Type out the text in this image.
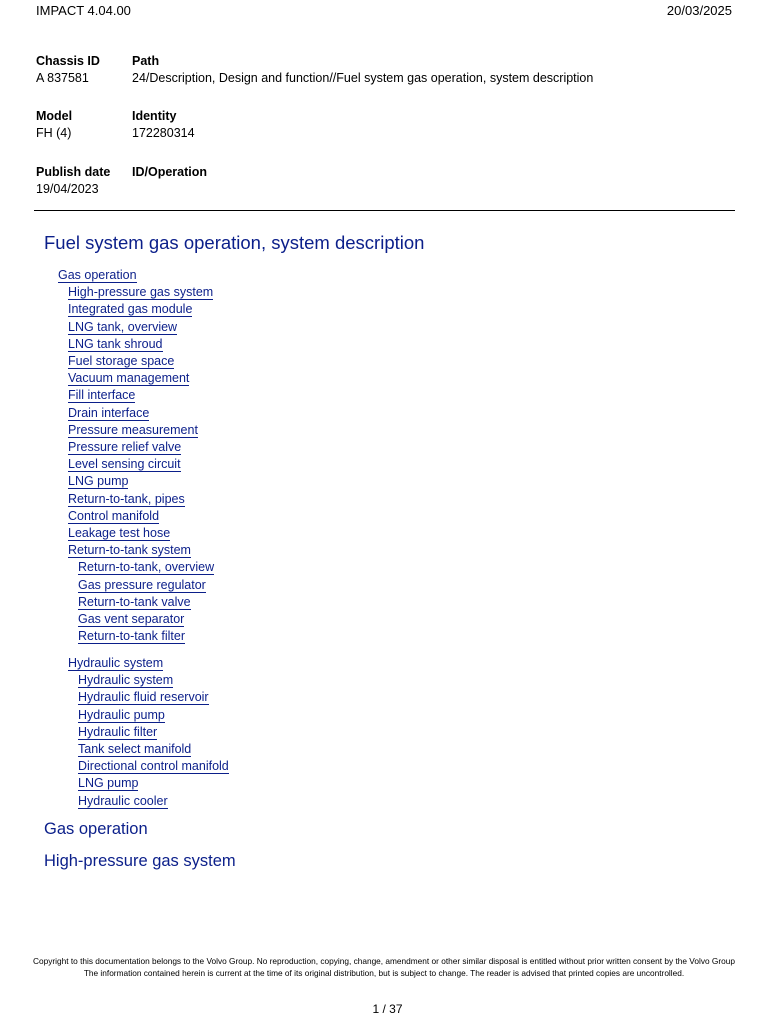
IMPACT 4.04.00	20/03/2025
Chassis ID
A 837581
Path
24/Description, Design and function//Fuel system gas operation, system description
Model
FH (4)
Identity
172280314
Publish date
19/04/2023
ID/Operation
Fuel system gas operation, system description
Gas operation
High-pressure gas system
Integrated gas module
LNG tank, overview
LNG tank shroud
Fuel storage space
Vacuum management
Fill interface
Drain interface
Pressure measurement
Pressure relief valve
Level sensing circuit
LNG pump
Return-to-tank, pipes
Control manifold
Leakage test hose
Return-to-tank system
Return-to-tank, overview
Gas pressure regulator
Return-to-tank valve
Gas vent separator
Return-to-tank filter
Hydraulic system
Hydraulic system
Hydraulic fluid reservoir
Hydraulic pump
Hydraulic filter
Tank select manifold
Directional control manifold
LNG pump
Hydraulic cooler
Gas operation
High-pressure gas system
Copyright to this documentation belongs to the Volvo Group. No reproduction, copying, change, amendment or other similar disposal is entitled without prior written consent by the Volvo Group
The information contained herein is current at the time of its original distribution, but is subject to change. The reader is advised that printed copies are uncontrolled.
1 / 37
